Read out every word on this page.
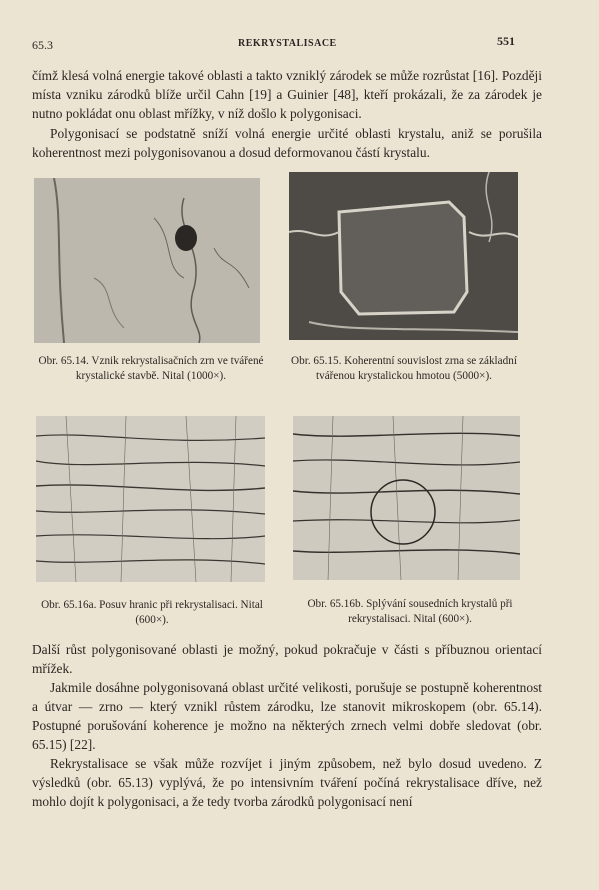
65.3	REKRYSTALISACE	551

čímž klesá volná energie takové oblasti a takto vzniklý zárodek se může rozrůstat [16]. Později místa vzniku zárodků blíže určil Cahn [19] a Guinier [48], kteří prokázali, že za zárodek je nutno pokládat onu oblast mřížky, v níž došlo k polygonisaci.

Polygonisací se podstatně sníží volná energie určité oblasti krystalu, aniž se porušila koherentnost mezi polygonisovanou a dosud deformovanou částí krystalu.

Obr. 65.14. Vznik rekrystalisačních zrn ve tvářené krystalické stavbě. Nital (1000×).

Obr. 65.15. Koherentní souvislost zrna se základní tvářenou krystalickou hmotou (5000×).

Obr. 65.16a. Posuv hranic při rekrystalisaci. Nital (600×).

Obr. 65.16b. Splývání sousedních krystalů při rekrystalisaci. Nital (600×).

Další růst polygonisované oblasti je možný, pokud pokračuje v části s příbuznou orientací mřížek.

Jakmile dosáhne polygonisovaná oblast určité velikosti, porušuje se postupně koherentnost a útvar — zrno — který vznikl růstem zárodku, lze stanovit mikroskopem (obr. 65.14). Postupné porušování koherence je možno na některých zrnech velmi dobře sledovat (obr. 65.15) [22].

Rekrystalisace se však může rozvíjet i jiným způsobem, než bylo dosud uvedeno. Z výsledků (obr. 65.13) vyplývá, že po intensivním tváření počíná rekrystalisace dříve, než mohlo dojít k polygonisaci, a že tedy tvorba zárodků polygonisací není
